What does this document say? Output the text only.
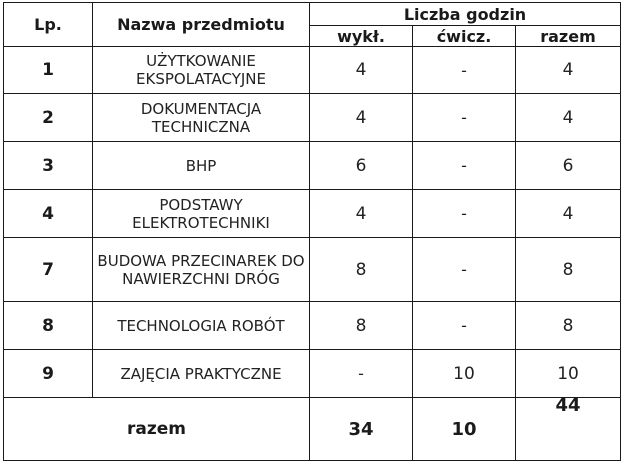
Lp.	Nazwa przedmiotu	Liczba godzin		
		wykł.	ćwicz.	razem
1	UŻYTKOWANIE EKSPOLATACYJNE	4	-	4
2	DOKUMENTACJA TECHNICZNA	4	-	4
3	BHP	6	-	6
4	PODSTAWY ELEKTROTECHNIKI	4	-	4
7	BUDOWA PRZECINAREK DO NAWIERZCHNI DRÓG	8	-	8
8	TECHNOLOGIA ROBÓT	8	-	8
9	ZAJĘCIA PRAKTYCZNE	-	10	10
razem		34	10	44
